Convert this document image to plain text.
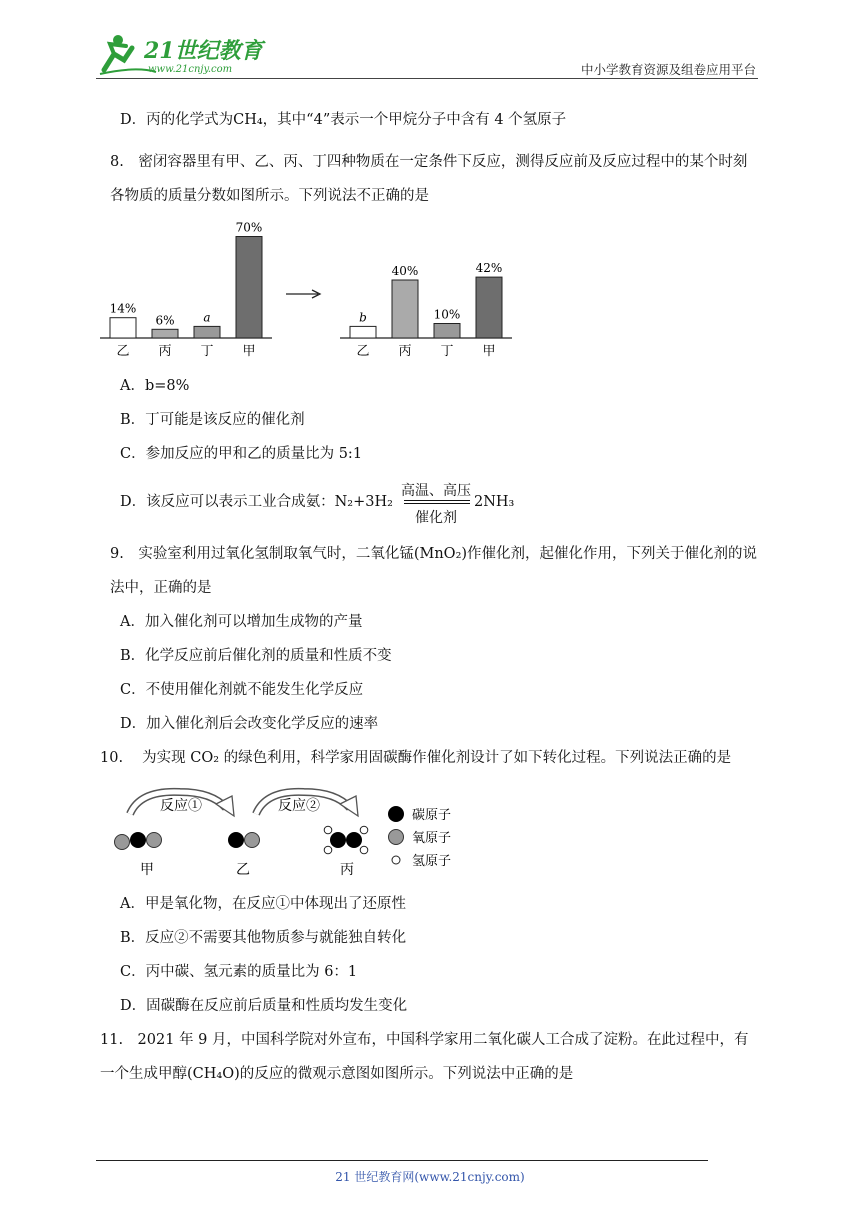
21世纪教育
www.21cnjy.com	中小学教育资源及组卷应用平台
D．丙的化学式为CH₄，其中“4”表示一个甲烷分子中含有 4 个氢原子
8.　密闭容器里有甲、乙、丙、丁四种物质在一定条件下反应，测得反应前及反应过程中的某个时刻
各物质的质量分数如图所示。下列说法不正确的是
14%
乙
6%
丙
a
丁
70%
甲
b
乙
40%
丙
10%
丁
42%
甲
A．b=8%
B．丁可能是该反应的催化剂
C．参加反应的甲和乙的质量比为 5:1
D．该反应可以表示工业合成氨：N₂+3H₂
高温、高压
催化剂
2NH₃
9.　实验室利用过氧化氢制取氧气时，二氧化锰(MnO₂)作催化剂，起催化作用，下列关于催化剂的说
法中，正确的是
A．加入催化剂可以增加生成物的产量
B．化学反应前后催化剂的质量和性质不变
C．不使用催化剂就不能发生化学反应
D．加入催化剂后会改变化学反应的速率
10.　 为实现 CO₂ 的绿色利用，科学家用固碳酶作催化剂设计了如下转化过程。下列说法正确的是
反应①	反应②
甲	乙	丙
碳原子
氧原子
氢原子
A．甲是氧化物，在反应①中体现出了还原性
B．反应②不需要其他物质参与就能独自转化
C．丙中碳、氢元素的质量比为 6：1
D．固碳酶在反应前后质量和性质均发生变化
11.　2021 年 9 月，中国科学院对外宣布，中国科学家用二氧化碳人工合成了淀粉。在此过程中，有
一个生成甲醇(CH₄O)的反应的微观示意图如图所示。下列说法中正确的是
21 世纪教育网(www.21cnjy.com)
